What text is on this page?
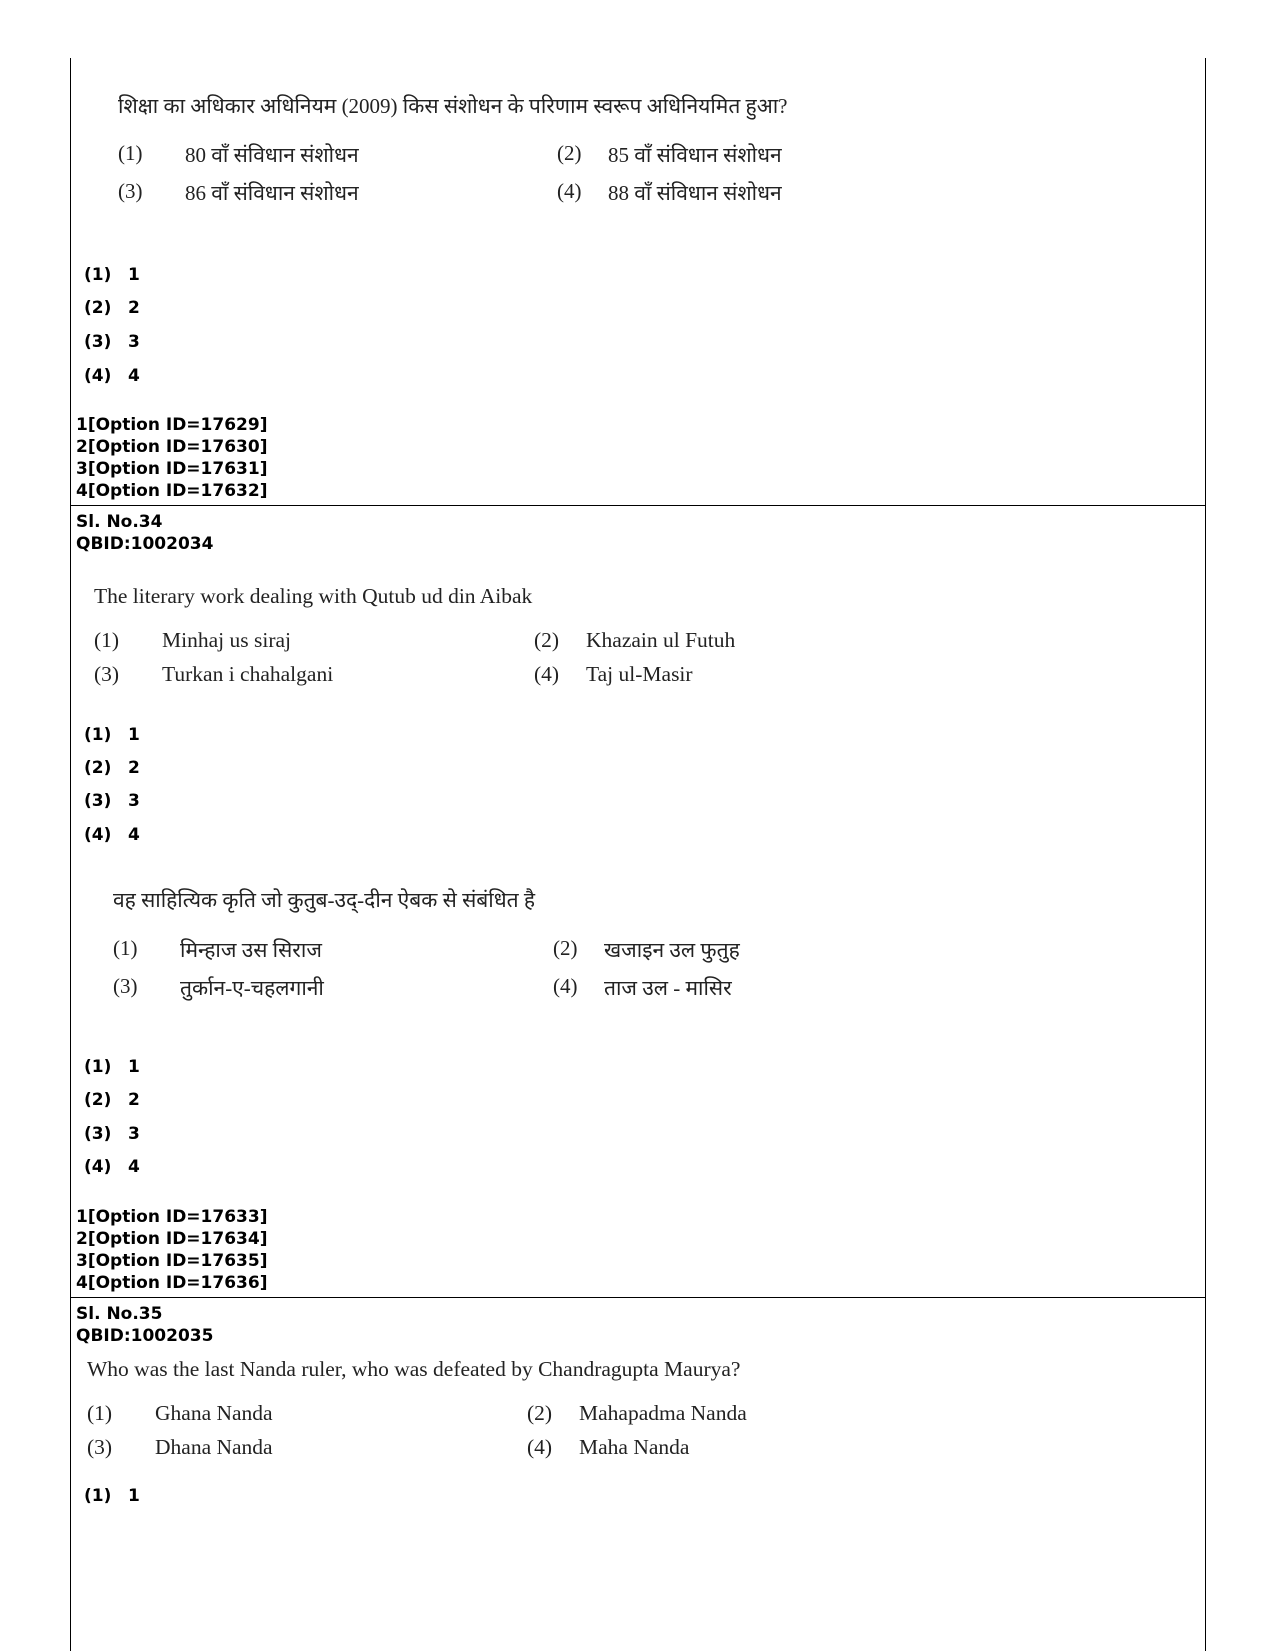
शिक्षा का अधिकार अधिनियम (2009) किस संशोधन के परिणाम स्वरूप अधिनियमित हुआ?
(1) 80 वाँ संविधान संशोधन	(2) 85 वाँ संविधान संशोधन
(3) 86 वाँ संविधान संशोधन	(4) 88 वाँ संविधान संशोधन
(1) 1
(2) 2
(3) 3
(4) 4
1[Option ID=17629]
2[Option ID=17630]
3[Option ID=17631]
4[Option ID=17632]
Sl. No.34
QBID:1002034
The literary work dealing with Qutub ud din Aibak
(1) Minhaj us siraj	(2) Khazain ul Futuh
(3) Turkan i chahalgani	(4) Taj ul-Masir
(1) 1
(2) 2
(3) 3
(4) 4
वह साहित्यिक कृति जो कुतुब-उद्-दीन ऐबक से संबंधित है
(1) मिन्हाज उस सिराज	(2) खजाइन उल फुतुह
(3) तुर्कान-ए-चहलगानी	(4) ताज उल - मासिर
(1) 1
(2) 2
(3) 3
(4) 4
1[Option ID=17633]
2[Option ID=17634]
3[Option ID=17635]
4[Option ID=17636]
Sl. No.35
QBID:1002035
Who was the last Nanda ruler, who was defeated by Chandragupta Maurya?
(1) Ghana Nanda	(2) Mahapadma Nanda
(3) Dhana Nanda	(4) Maha Nanda
(1) 1
